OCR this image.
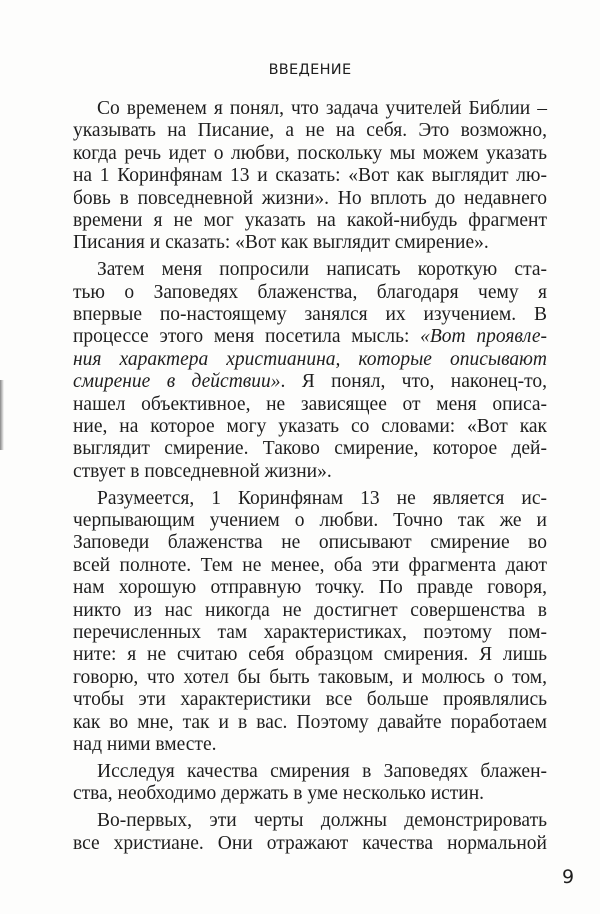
ВВЕДЕНИЕ
Со временем я понял, что задача учителей Библии –
указывать на Писание, а не на себя. Это возможно,
когда речь идет о любви, поскольку мы можем указать
на 1 Коринфянам 13 и сказать: «Вот как выглядит лю-
бовь в повседневной жизни». Но вплоть до недавнего
времени я не мог указать на какой-нибудь фрагмент
Писания и сказать: «Вот как выглядит смирение».
Затем меня попросили написать короткую ста-
тью о Заповедях блаженства, благодаря чему я
впервые по-настоящему занялся их изучением. В
процессе этого меня посетила мысль: «Вот проявле-
ния характера христианина, которые описывают
смирение в действии». Я понял, что, наконец-то,
нашел объективное, не зависящее от меня описа-
ние, на которое могу указать со словами: «Вот как
выглядит смирение. Таково смирение, которое дей-
ствует в повседневной жизни».
Разумеется, 1 Коринфянам 13 не является ис-
черпывающим учением о любви. Точно так же и
Заповеди блаженства не описывают смирение во
всей полноте. Тем не менее, оба эти фрагмента дают
нам хорошую отправную точку. По правде говоря,
никто из нас никогда не достигнет совершенства в
перечисленных там характеристиках, поэтому пом-
ните: я не считаю себя образцом смирения. Я лишь
говорю, что хотел бы быть таковым, и молюсь о том,
чтобы эти характеристики все больше проявлялись
как во мне, так и в вас. Поэтому давайте поработаем
над ними вместе.
Исследуя качества смирения в Заповедях блажен-
ства, необходимо держать в уме несколько истин.
Во-первых, эти черты должны демонстрировать
все христиане. Они отражают качества нормальной
9
